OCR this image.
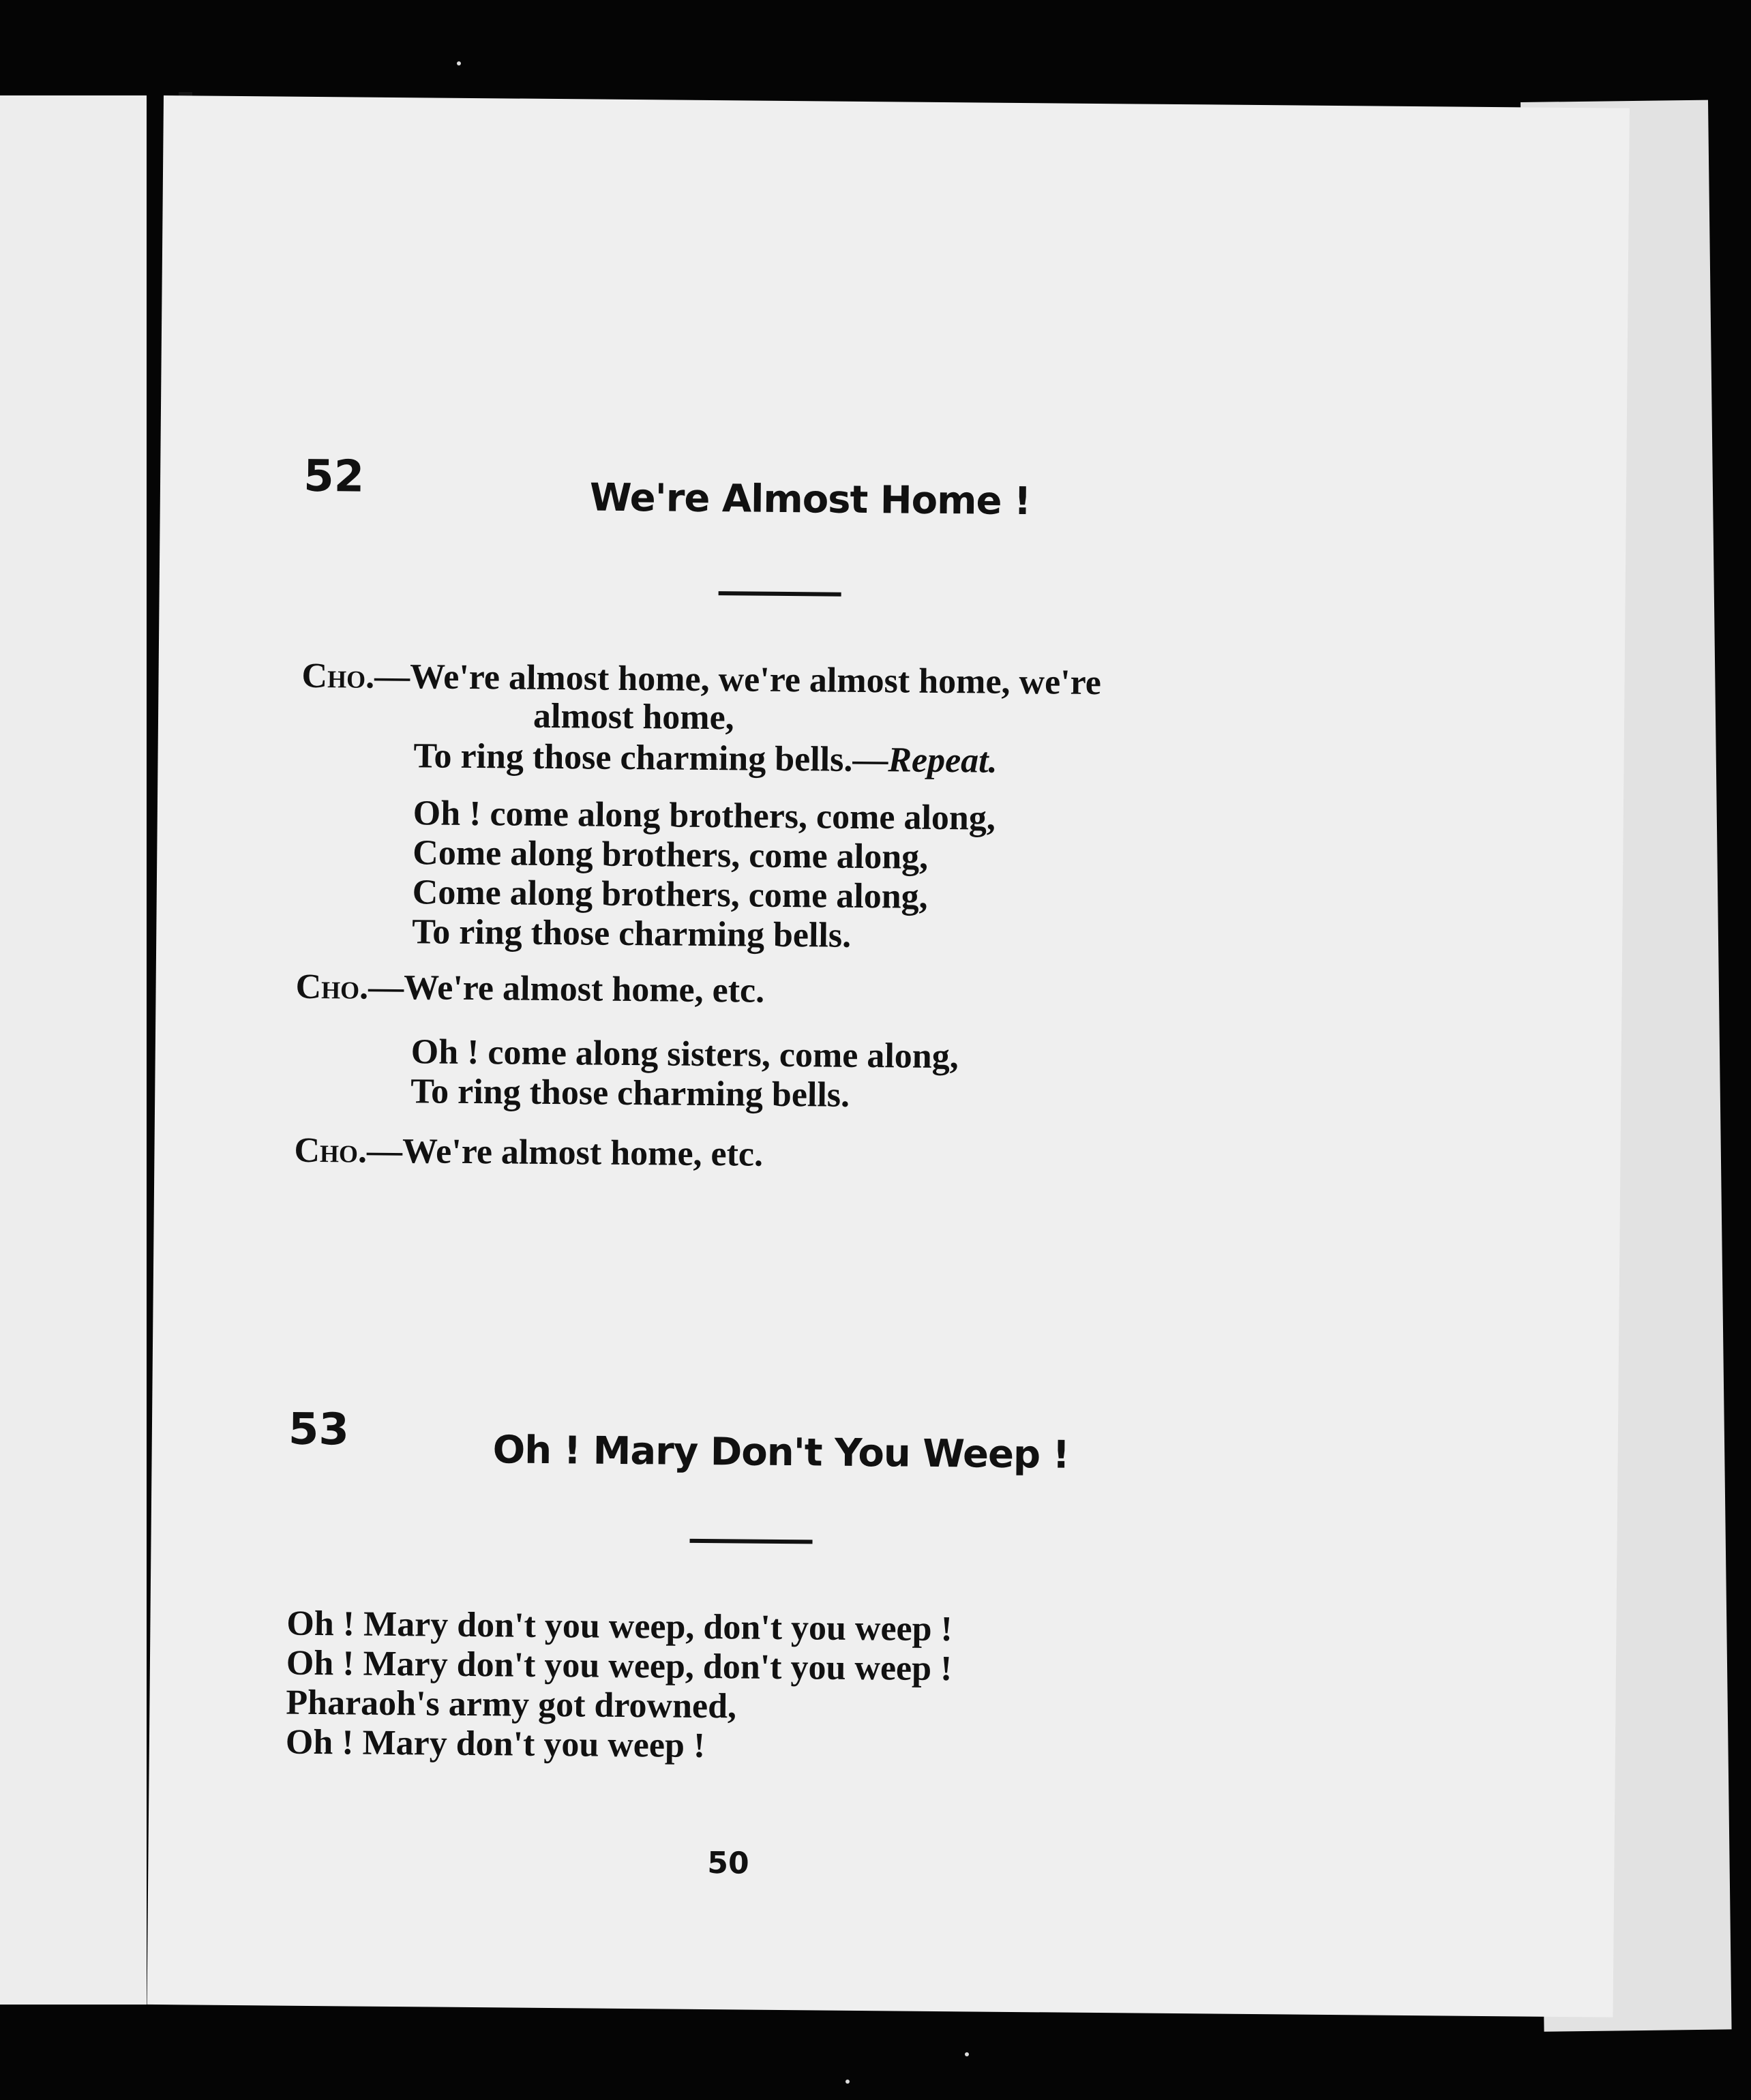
52	We're Almost Home !
Cho.—We're almost home, we're almost home, we're
almost home,
To ring those charming bells.—Repeat.
Oh ! come along brothers, come along,
Come along brothers, come along,
Come along brothers, come along,
To ring those charming bells.
Cho.—We're almost home, etc.
Oh ! come along sisters, come along,
To ring those charming bells.
Cho.—We're almost home, etc.
53	Oh ! Mary Don't You Weep !
Oh ! Mary don't you weep, don't you weep !
Oh ! Mary don't you weep, don't you weep !
Pharaoh's army got drowned,
Oh ! Mary don't you weep !
50
